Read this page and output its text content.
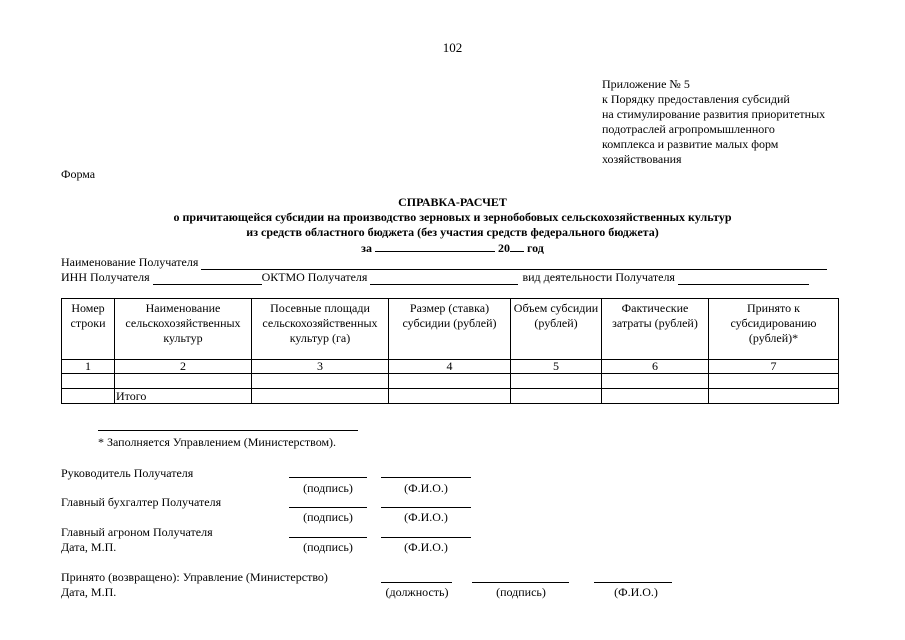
102
Приложение № 5
к Порядку предоставления субсидий
на стимулирование развития приоритетных
подотраслей агропромышленного
комплекса и развитие малых форм
хозяйствования
Форма
СПРАВКА-РАСЧЕТ
о причитающейся субсидии на производство зерновых и зернобобовых сельскохозяйственных культур
из средств областного бюджета (без участия средств федерального бюджета)
за	20 год
Наименование Получателя
ИНН Получателя	ОКТМО Получателя	вид деятельности Получателя
Номер строки	Наименование сельскохозяйственных культур	Посевные площади сельскохозяйственных культур (га)	Размер (ставка) субсидии (рублей)	Объем субсидии (рублей)	Фактические затраты (рублей)	Принято к субсидированию (рублей)*
1	2	3	4	5	6	7

	Итого					
* Заполняется Управлением (Министерством).
Руководитель Получателя
(подпись)	(Ф.И.О.)
Главный бухгалтер Получателя
(подпись)	(Ф.И.О.)
Главный агроном Получателя
Дата, М.П.	(подпись)	(Ф.И.О.)
Принято (возвращено): Управление (Министерство)
Дата, М.П.	(должность)	(подпись)	(Ф.И.О.)
